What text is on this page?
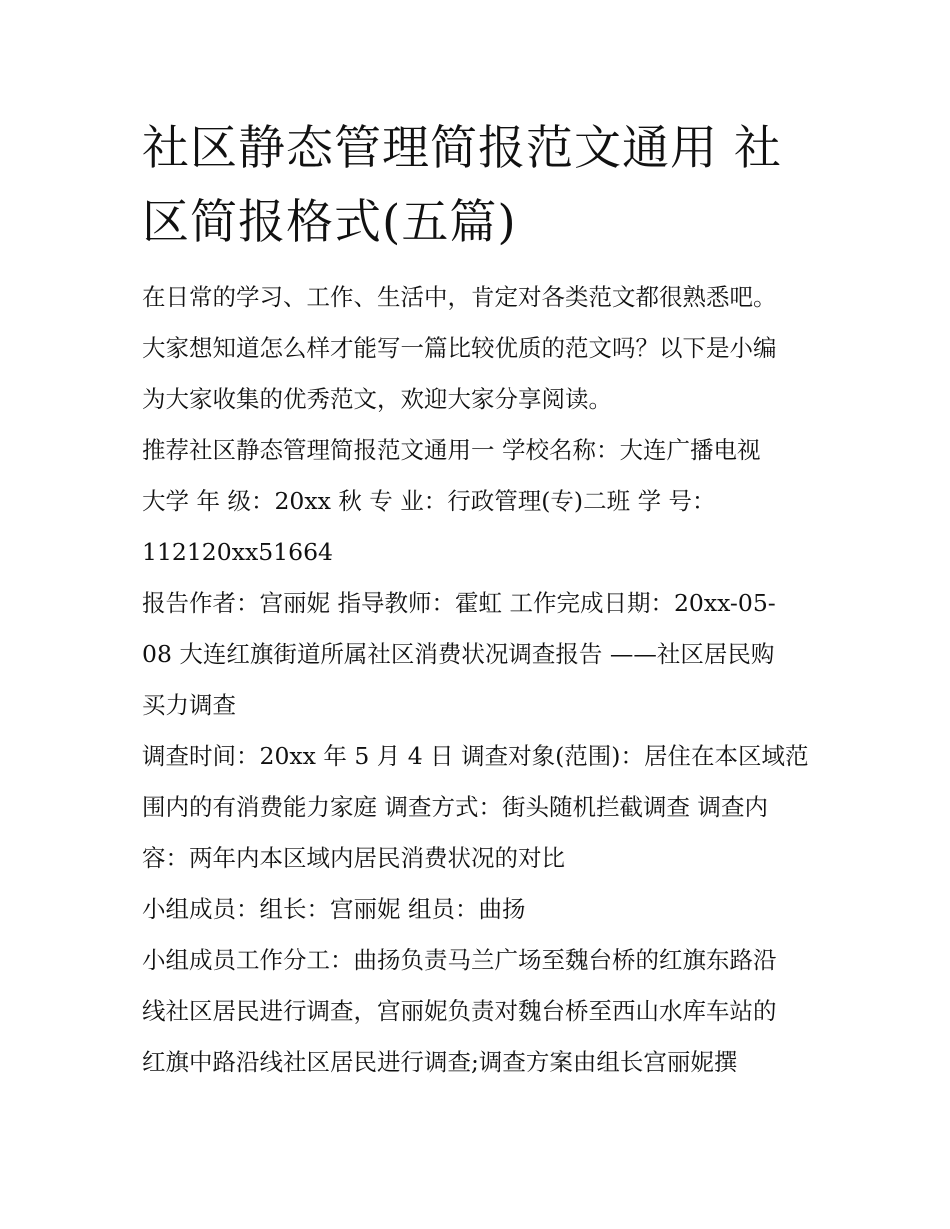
社区静态管理简报范文通用 社
区简报格式(五篇)

在日常的学习、工作、生活中，肯定对各类范文都很熟悉吧。
大家想知道怎么样才能写一篇比较优质的范文吗？以下是小编
为大家收集的优秀范文，欢迎大家分享阅读。

推荐社区静态管理简报范文通用一 学校名称：大连广播电视
大学 年 级：20xx 秋 专 业：行政管理(专)二班 学 号：
112120xx51664

报告作者：宫丽妮 指导教师：霍虹 工作完成日期：20xx-05-
08 大连红旗街道所属社区消费状况调查报告 ——社区居民购
买力调查

调查时间：20xx 年 5 月 4 日 调查对象(范围)：居住在本区域范
围内的有消费能力家庭 调查方式：街头随机拦截调查 调查内
容：两年内本区域内居民消费状况的对比

小组成员：组长：宫丽妮 组员：曲扬

小组成员工作分工：曲扬负责马兰广场至魏台桥的红旗东路沿
线社区居民进行调查，宫丽妮负责对魏台桥至西山水库车站的
红旗中路沿线社区居民进行调查;调查方案由组长宫丽妮撰
